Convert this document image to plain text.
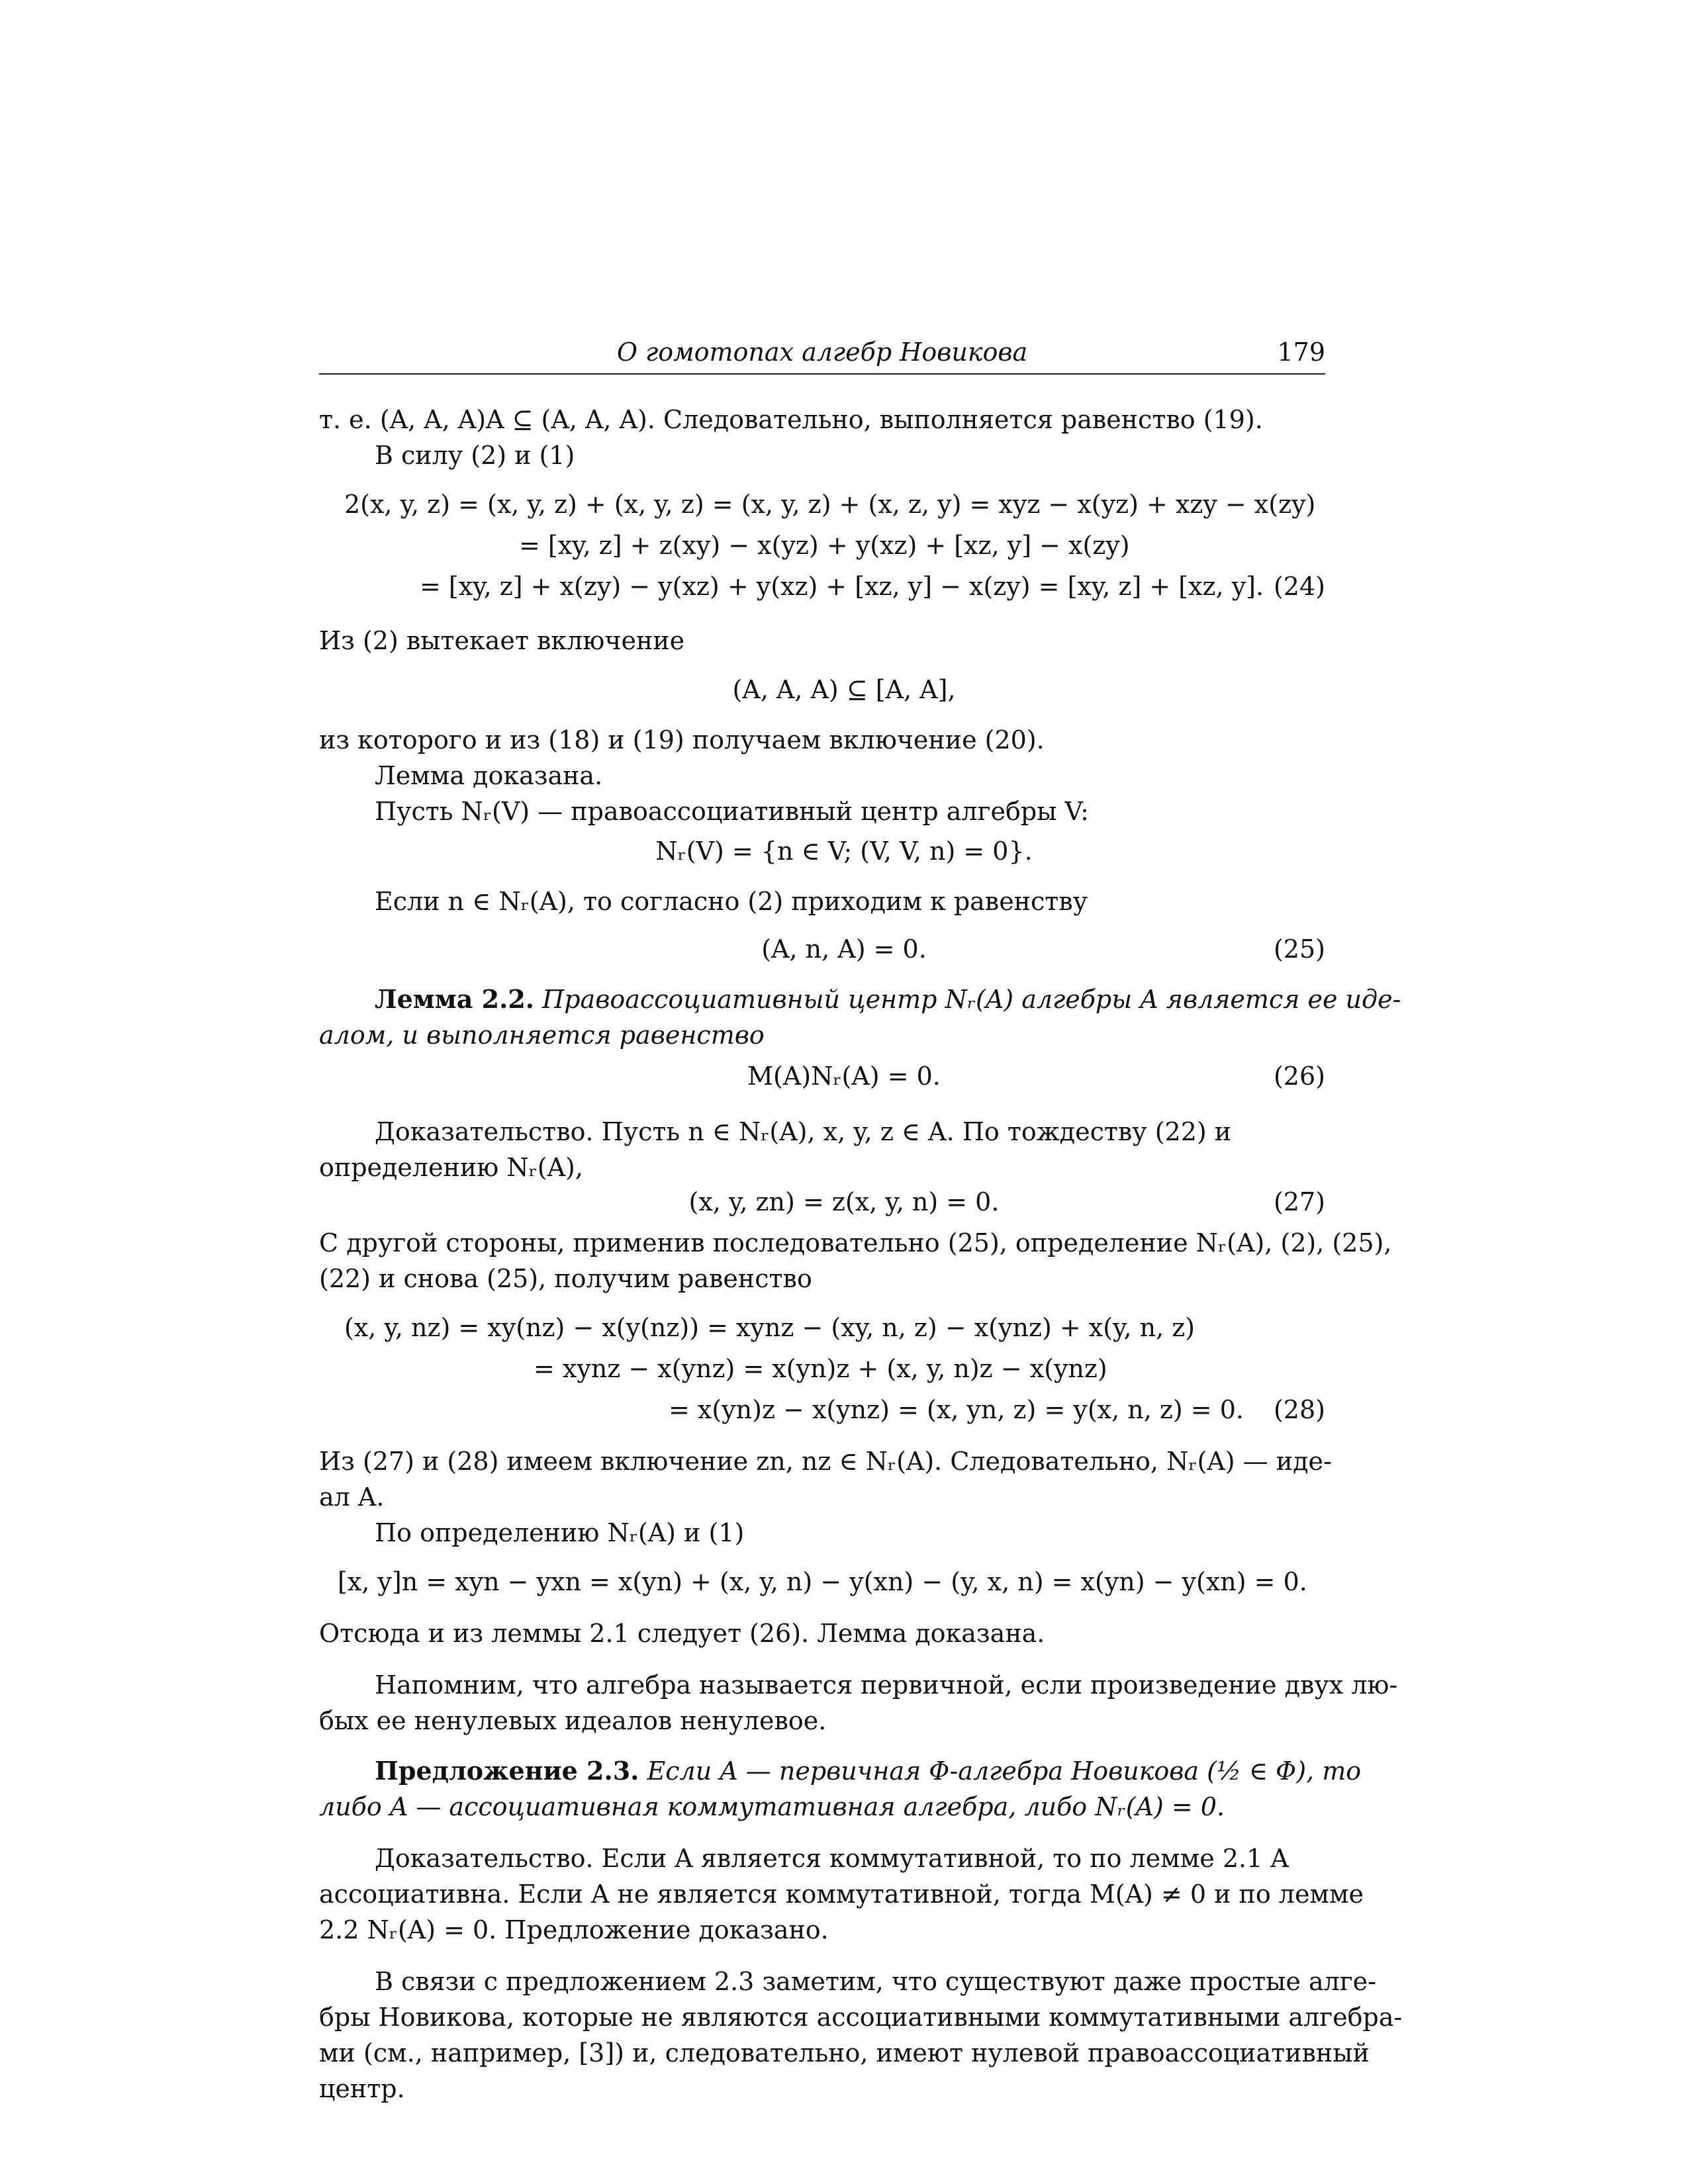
О гомотопах алгебр Новикова	179
т. е. (A, A, A)A ⊆ (A, A, A). Следовательно, выполняется равенство (19).
В силу (2) и (1)
2(x, y, z) = (x, y, z) + (x, y, z) = (x, y, z) + (x, z, y) = xyz − x(yz) + xzy − x(zy)
= [xy, z] + z(xy) − x(yz) + y(xz) + [xz, y] − x(zy)
= [xy, z] + x(zy) − y(xz) + y(xz) + [xz, y] − x(zy) = [xy, z] + [xz, y]. (24)
Из (2) вытекает включение
(A, A, A) ⊆ [A, A],
из которого и из (18) и (19) получаем включение (20).
Лемма доказана.
Пусть Nᵣ(V) — правоассоциативный центр алгебры V:
Nᵣ(V) = {n ∈ V; (V, V, n) = 0}.
Если n ∈ Nᵣ(A), то согласно (2) приходим к равенству
(A, n, A) = 0.	(25)
Лемма 2.2. Правоассоциативный центр Nᵣ(A) алгебры A является ее иде-
алом, и выполняется равенство
M(A)Nᵣ(A) = 0.	(26)
Доказательство. Пусть n ∈ Nᵣ(A), x, y, z ∈ A. По тождеству (22) и
определению Nᵣ(A),
(x, y, zn) = z(x, y, n) = 0.	(27)
С другой стороны, применив последовательно (25), определение Nᵣ(A), (2), (25),
(22) и снова (25), получим равенство
(x, y, nz) = xy(nz) − x(y(nz)) = xynz − (xy, n, z) − x(ynz) + x(y, n, z)
= xynz − x(ynz) = x(yn)z + (x, y, n)z − x(ynz)
= x(yn)z − x(ynz) = (x, yn, z) = y(x, n, z) = 0. (28)
Из (27) и (28) имеем включение zn, nz ∈ Nᵣ(A). Следовательно, Nᵣ(A) — иде-
ал A.
По определению Nᵣ(A) и (1)
[x, y]n = xyn − yxn = x(yn) + (x, y, n) − y(xn) − (y, x, n) = x(yn) − y(xn) = 0.
Отсюда и из леммы 2.1 следует (26). Лемма доказана.
Напомним, что алгебра называется первичной, если произведение двух лю-
бых ее ненулевых идеалов ненулевое.
Предложение 2.3. Если A — первичная Φ-алгебра Новикова (½ ∈ Φ), то
либо A — ассоциативная коммутативная алгебра, либо Nᵣ(A) = 0.
Доказательство. Если A является коммутативной, то по лемме 2.1 A
ассоциативна. Если A не является коммутативной, тогда M(A) ≠ 0 и по лемме
2.2 Nᵣ(A) = 0. Предложение доказано.
В связи с предложением 2.3 заметим, что существуют даже простые алге-
бры Новикова, которые не являются ассоциативными коммутативными алгебра-
ми (см., например, [3]) и, следовательно, имеют нулевой правоассоциативный
центр.
